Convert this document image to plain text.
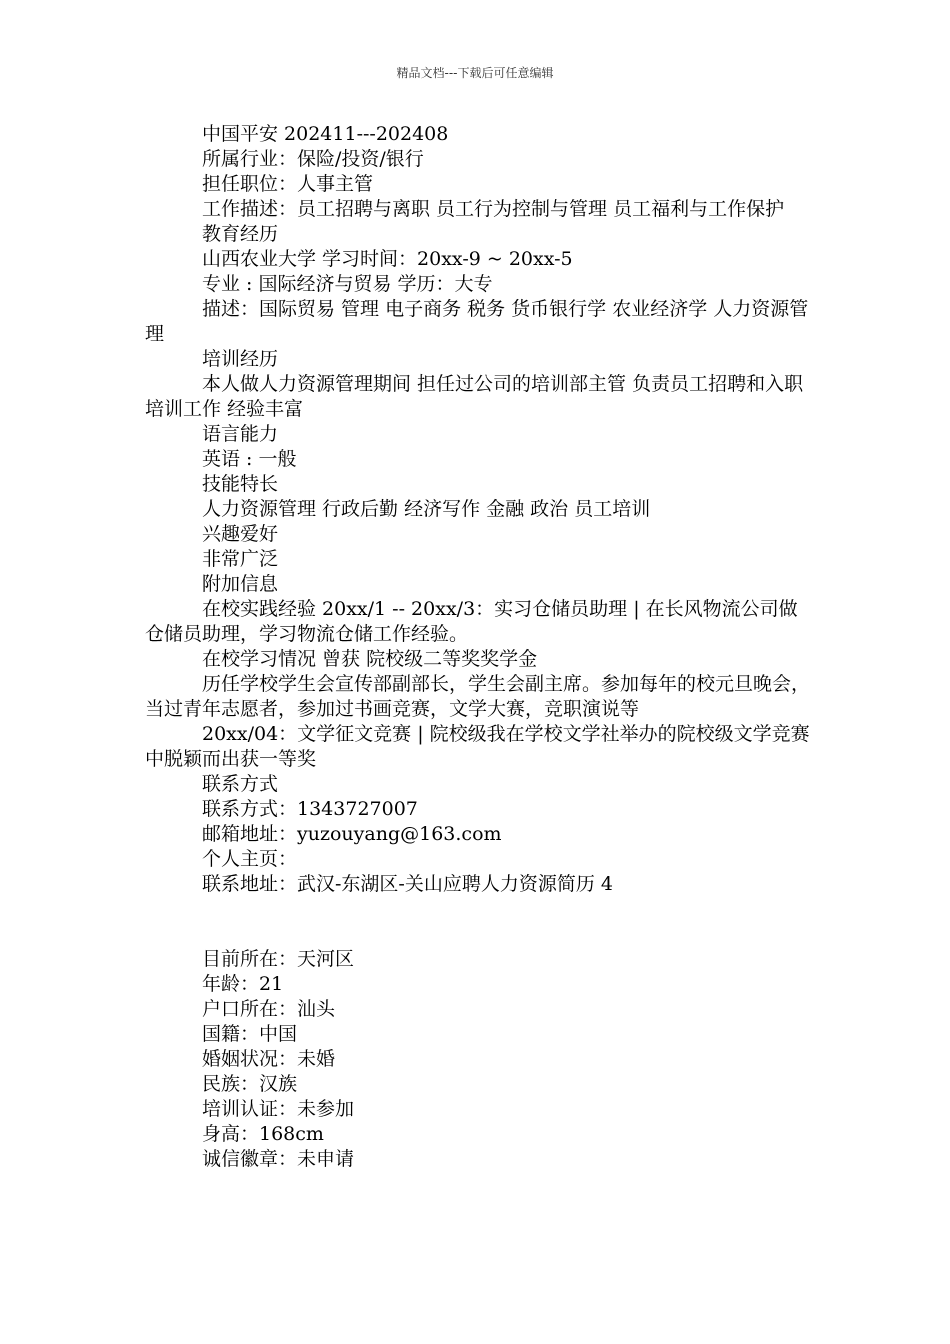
精品文档---下载后可任意编辑

中国平安 202411---202408

所属行业：保险/投资/银行

担任职位：人事主管

工作描述：员工招聘与离职 员工行为控制与管理 员工福利与工作保护

教育经历

山西农业大学 学习时间：20xx-9 ~ 20xx-5

专业 : 国际经济与贸易 学历：大专

描述：国际贸易 管理 电子商务 税务 货币银行学 农业经济学 人力资源管理

培训经历

本人做人力资源管理期间 担任过公司的培训部主管 负责员工招聘和入职培训工作 经验丰富

语言能力

英语 : 一般

技能特长

人力资源管理 行政后勤 经济写作 金融 政治 员工培训

兴趣爱好

非常广泛

附加信息

在校实践经验 20xx/1 -- 20xx/3：实习仓储员助理 | 在长风物流公司做仓储员助理，学习物流仓储工作经验。

在校学习情况 曾获 院校级二等奖奖学金

历任学校学生会宣传部副部长，学生会副主席。参加每年的校元旦晚会，当过青年志愿者，参加过书画竞赛，文学大赛，竞职演说等

20xx/04：文学征文竞赛 | 院校级我在学校文学社举办的院校级文学竞赛中脱颖而出获一等奖

联系方式

联系方式：1343727007

邮箱地址：yuzouyang@163.com

个人主页：

联系地址：武汉-东湖区-关山应聘人力资源简历 4

目前所在：天河区

年龄：21

户口所在：汕头

国籍：中国

婚姻状况：未婚

民族：汉族

培训认证：未参加

身高：168cm

诚信徽章：未申请
